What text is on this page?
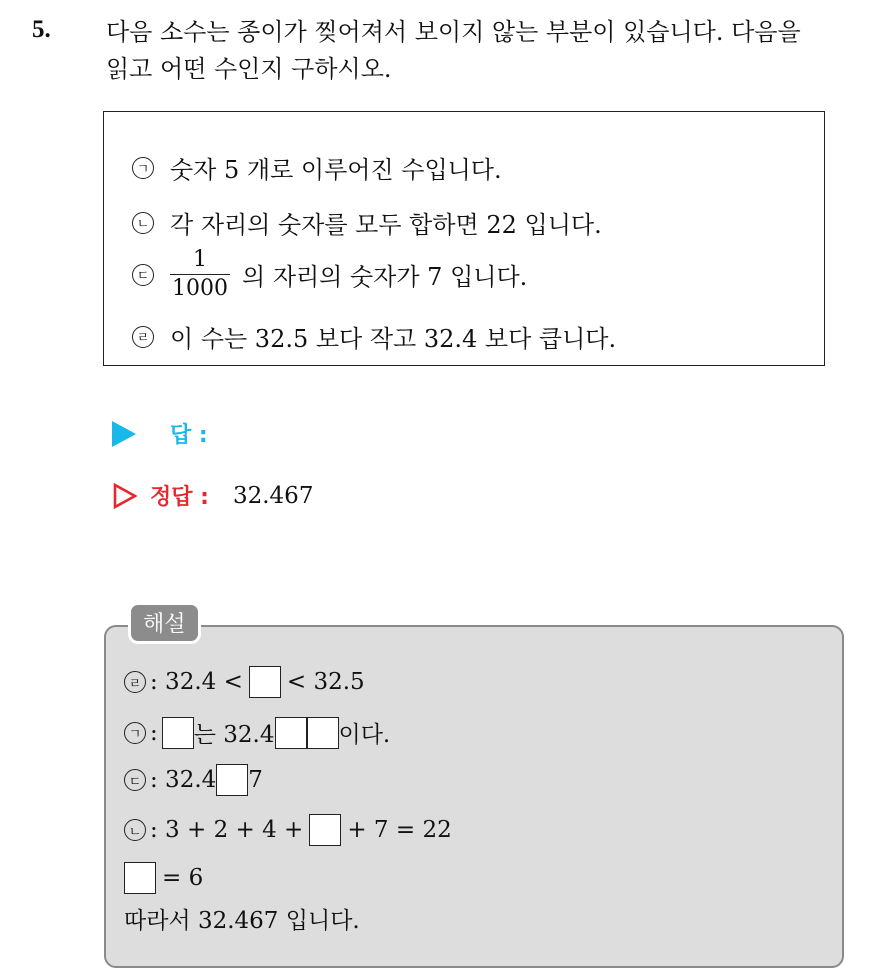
5. 다음 소수는 종이가 찢어져서 보이지 않는 부분이 있습니다. 다음을
읽고 어떤 수인지 구하시오.
ㄱ 숫자 5 개로 이루어진 수입니다.
ㄴ 각 자리의 숫자를 모두 합하면 22 입니다.
ㄷ $\frac{1}{1000}$ 의 자리의 숫자가 7 입니다.
ㄹ 이 수는 32.5 보다 작고 32.4 보다 큽니다.
답 :
정답 : 32.467
해설
ㄹ : 32.4 < < 32.5
ㄱ : 는 32.4	이다.
ㄷ : 32.4 7
ㄴ : 3 + 2 + 4 + + 7 = 22
= 6
따라서 32.467 입니다.
